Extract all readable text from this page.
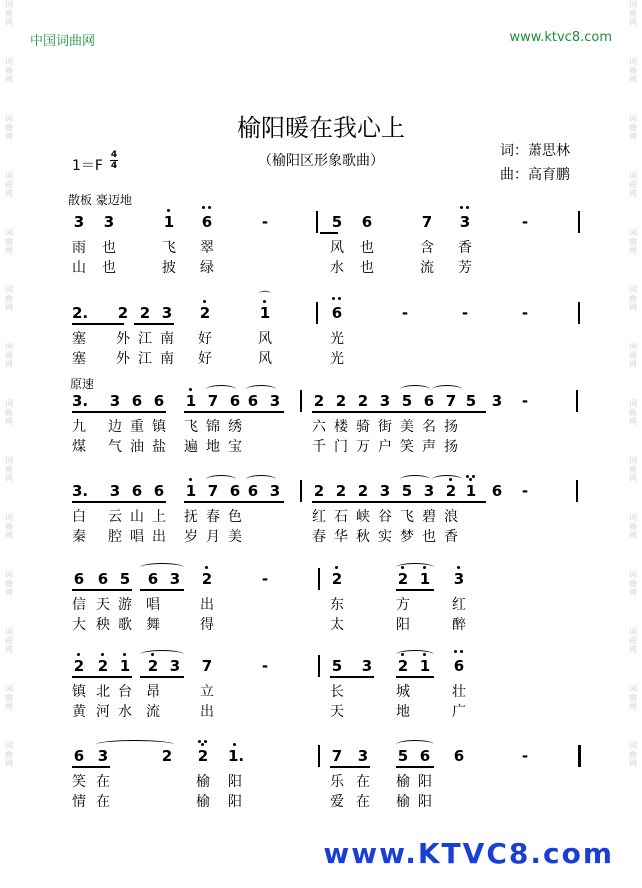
中国词曲网	www.ktvc8.com
词
曲
网
词
曲
网
词
曲
网
词
曲
网
词
曲
网
词
曲
网
词
曲
网
词
曲
网
词
曲
网
词
曲
网
词
曲
网
词
曲
网
词
曲
网
词
曲
网
词
曲
网
词
曲
网
词
曲
网
词
曲
网
词
曲
网
词
曲
网
词
曲
网
词
曲
网
词
曲
网
词
曲
网
词
曲
网
词
曲
网
词
曲
网
词
曲
网
榆阳暖在我心上
（榆阳区形象歌曲）
词：萧思林
曲：高育鹏
1＝F
4
4
散板 豪迈地
原速
3 3	1 6	-	5 6	7 3	-
雨 也	飞 翠	风 也	含 香
山 也	披 绿	水 也	流 芳
2. 2 2 3 2	1	6	-	-	-
塞 外 江 南 好	风	光
塞 外 江 南 好	风	光
⌒
3. 3 6 6 1 7 6 6 3 2 2 2 3 5 6 7 5 3 -
九 边 重 镇 飞 锦 绣	六 楼 骑 街 美 名 扬
煤 气 油 盐 遍 地 宝	千 门 万 户 笑 声 扬
3. 3 6 6 1 7 6 6 3 2 2 2 3 5 3 2 1 6 -
白 云 山 上 抚 春 色	红 石 峡 谷 飞 碧 浪
秦 腔 唱 出 岁 月 美	春 华 秋 实 梦 也 香
6 6 5 6 3 2	-	2	2 1 3
信 天 游 唱	出	东	方	红
大 秧 歌 舞	得	太	阳	醉
2 2 1 2 3 7	-	5 3 2 1 6
镇 北 台 昂	立	长	城	壮
黄 河 水 流	出	天	地	广
6 3	2 2 1.	7 3 5 6 6	-
笑 在	榆 阳	乐 在 榆 阳
情 在	榆 阳	爱 在 榆 阳
www.KTVC8.com
